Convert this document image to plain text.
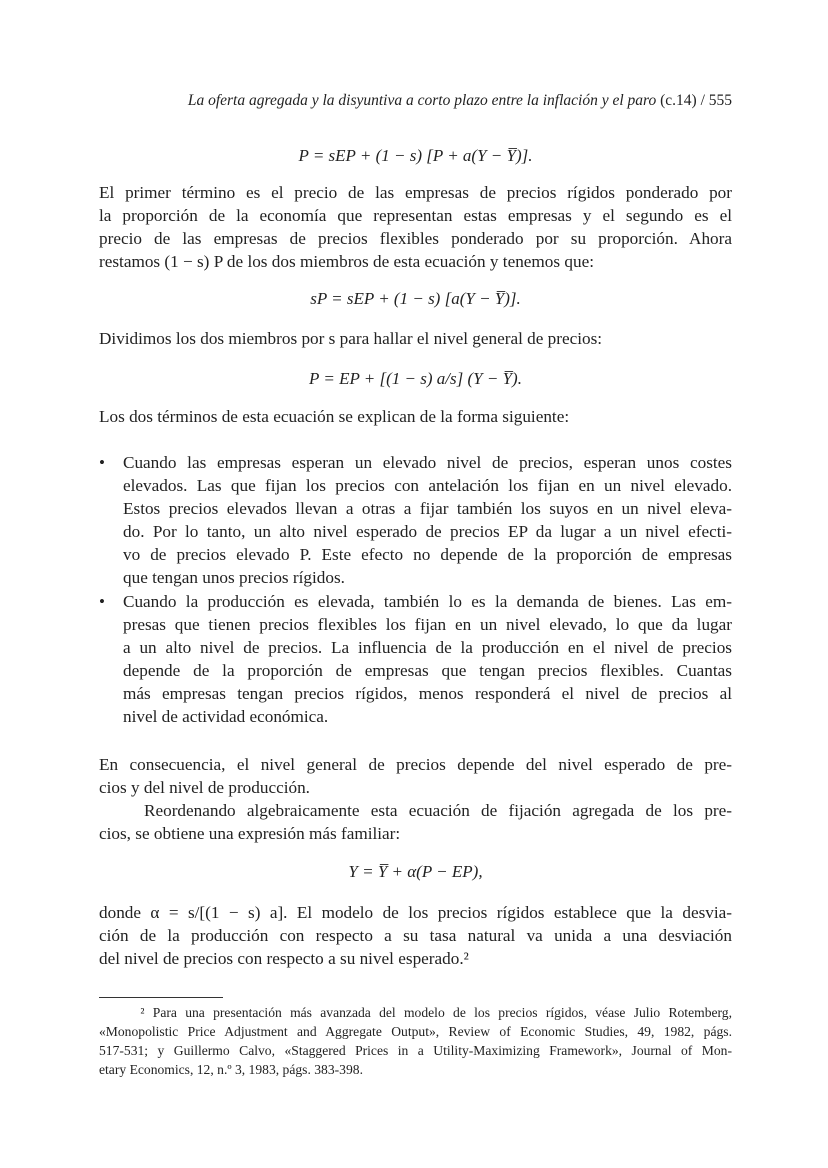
La oferta agregada y la disyuntiva a corto plazo entre la inflación y el paro (c.14) / 555
P = sEP + (1 − s) [P + a(Y − Y̅)].
El primer término es el precio de las empresas de precios rígidos ponderado por
la proporción de la economía que representan estas empresas y el segundo es el
precio de las empresas de precios flexibles ponderado por su proporción. Ahora
restamos (1 − s) P de los dos miembros de esta ecuación y tenemos que:
sP = sEP + (1 − s) [a(Y − Y̅)].
Dividimos los dos miembros por s para hallar el nivel general de precios:
P = EP + [(1 − s) a/s] (Y − Y̅).
Los dos términos de esta ecuación se explican de la forma siguiente:
• Cuando las empresas esperan un elevado nivel de precios, esperan unos costes
elevados. Las que fijan los precios con antelación los fijan en un nivel elevado.
Estos precios elevados llevan a otras a fijar también los suyos en un nivel eleva-
do. Por lo tanto, un alto nivel esperado de precios EP da lugar a un nivel efecti-
vo de precios elevado P. Este efecto no depende de la proporción de empresas
que tengan unos precios rígidos.
• Cuando la producción es elevada, también lo es la demanda de bienes. Las em-
presas que tienen precios flexibles los fijan en un nivel elevado, lo que da lugar
a un alto nivel de precios. La influencia de la producción en el nivel de precios
depende de la proporción de empresas que tengan precios flexibles. Cuantas
más empresas tengan precios rígidos, menos responderá el nivel de precios al
nivel de actividad económica.
En consecuencia, el nivel general de precios depende del nivel esperado de pre-
cios y del nivel de producción.
Reordenando algebraicamente esta ecuación de fijación agregada de los pre-
cios, se obtiene una expresión más familiar:
Y = Y̅ + α(P − EP),
donde α = s/[(1 − s) a]. El modelo de los precios rígidos establece que la desvia-
ción de la producción con respecto a su tasa natural va unida a una desviación
del nivel de precios con respecto a su nivel esperado.²
² Para una presentación más avanzada del modelo de los precios rígidos, véase Julio Rotemberg,
«Monopolistic Price Adjustment and Aggregate Output», Review of Economic Studies, 49, 1982, págs.
517-531; y Guillermo Calvo, «Staggered Prices in a Utility-Maximizing Framework», Journal of Mon-
etary Economics, 12, n.º 3, 1983, págs. 383-398.
